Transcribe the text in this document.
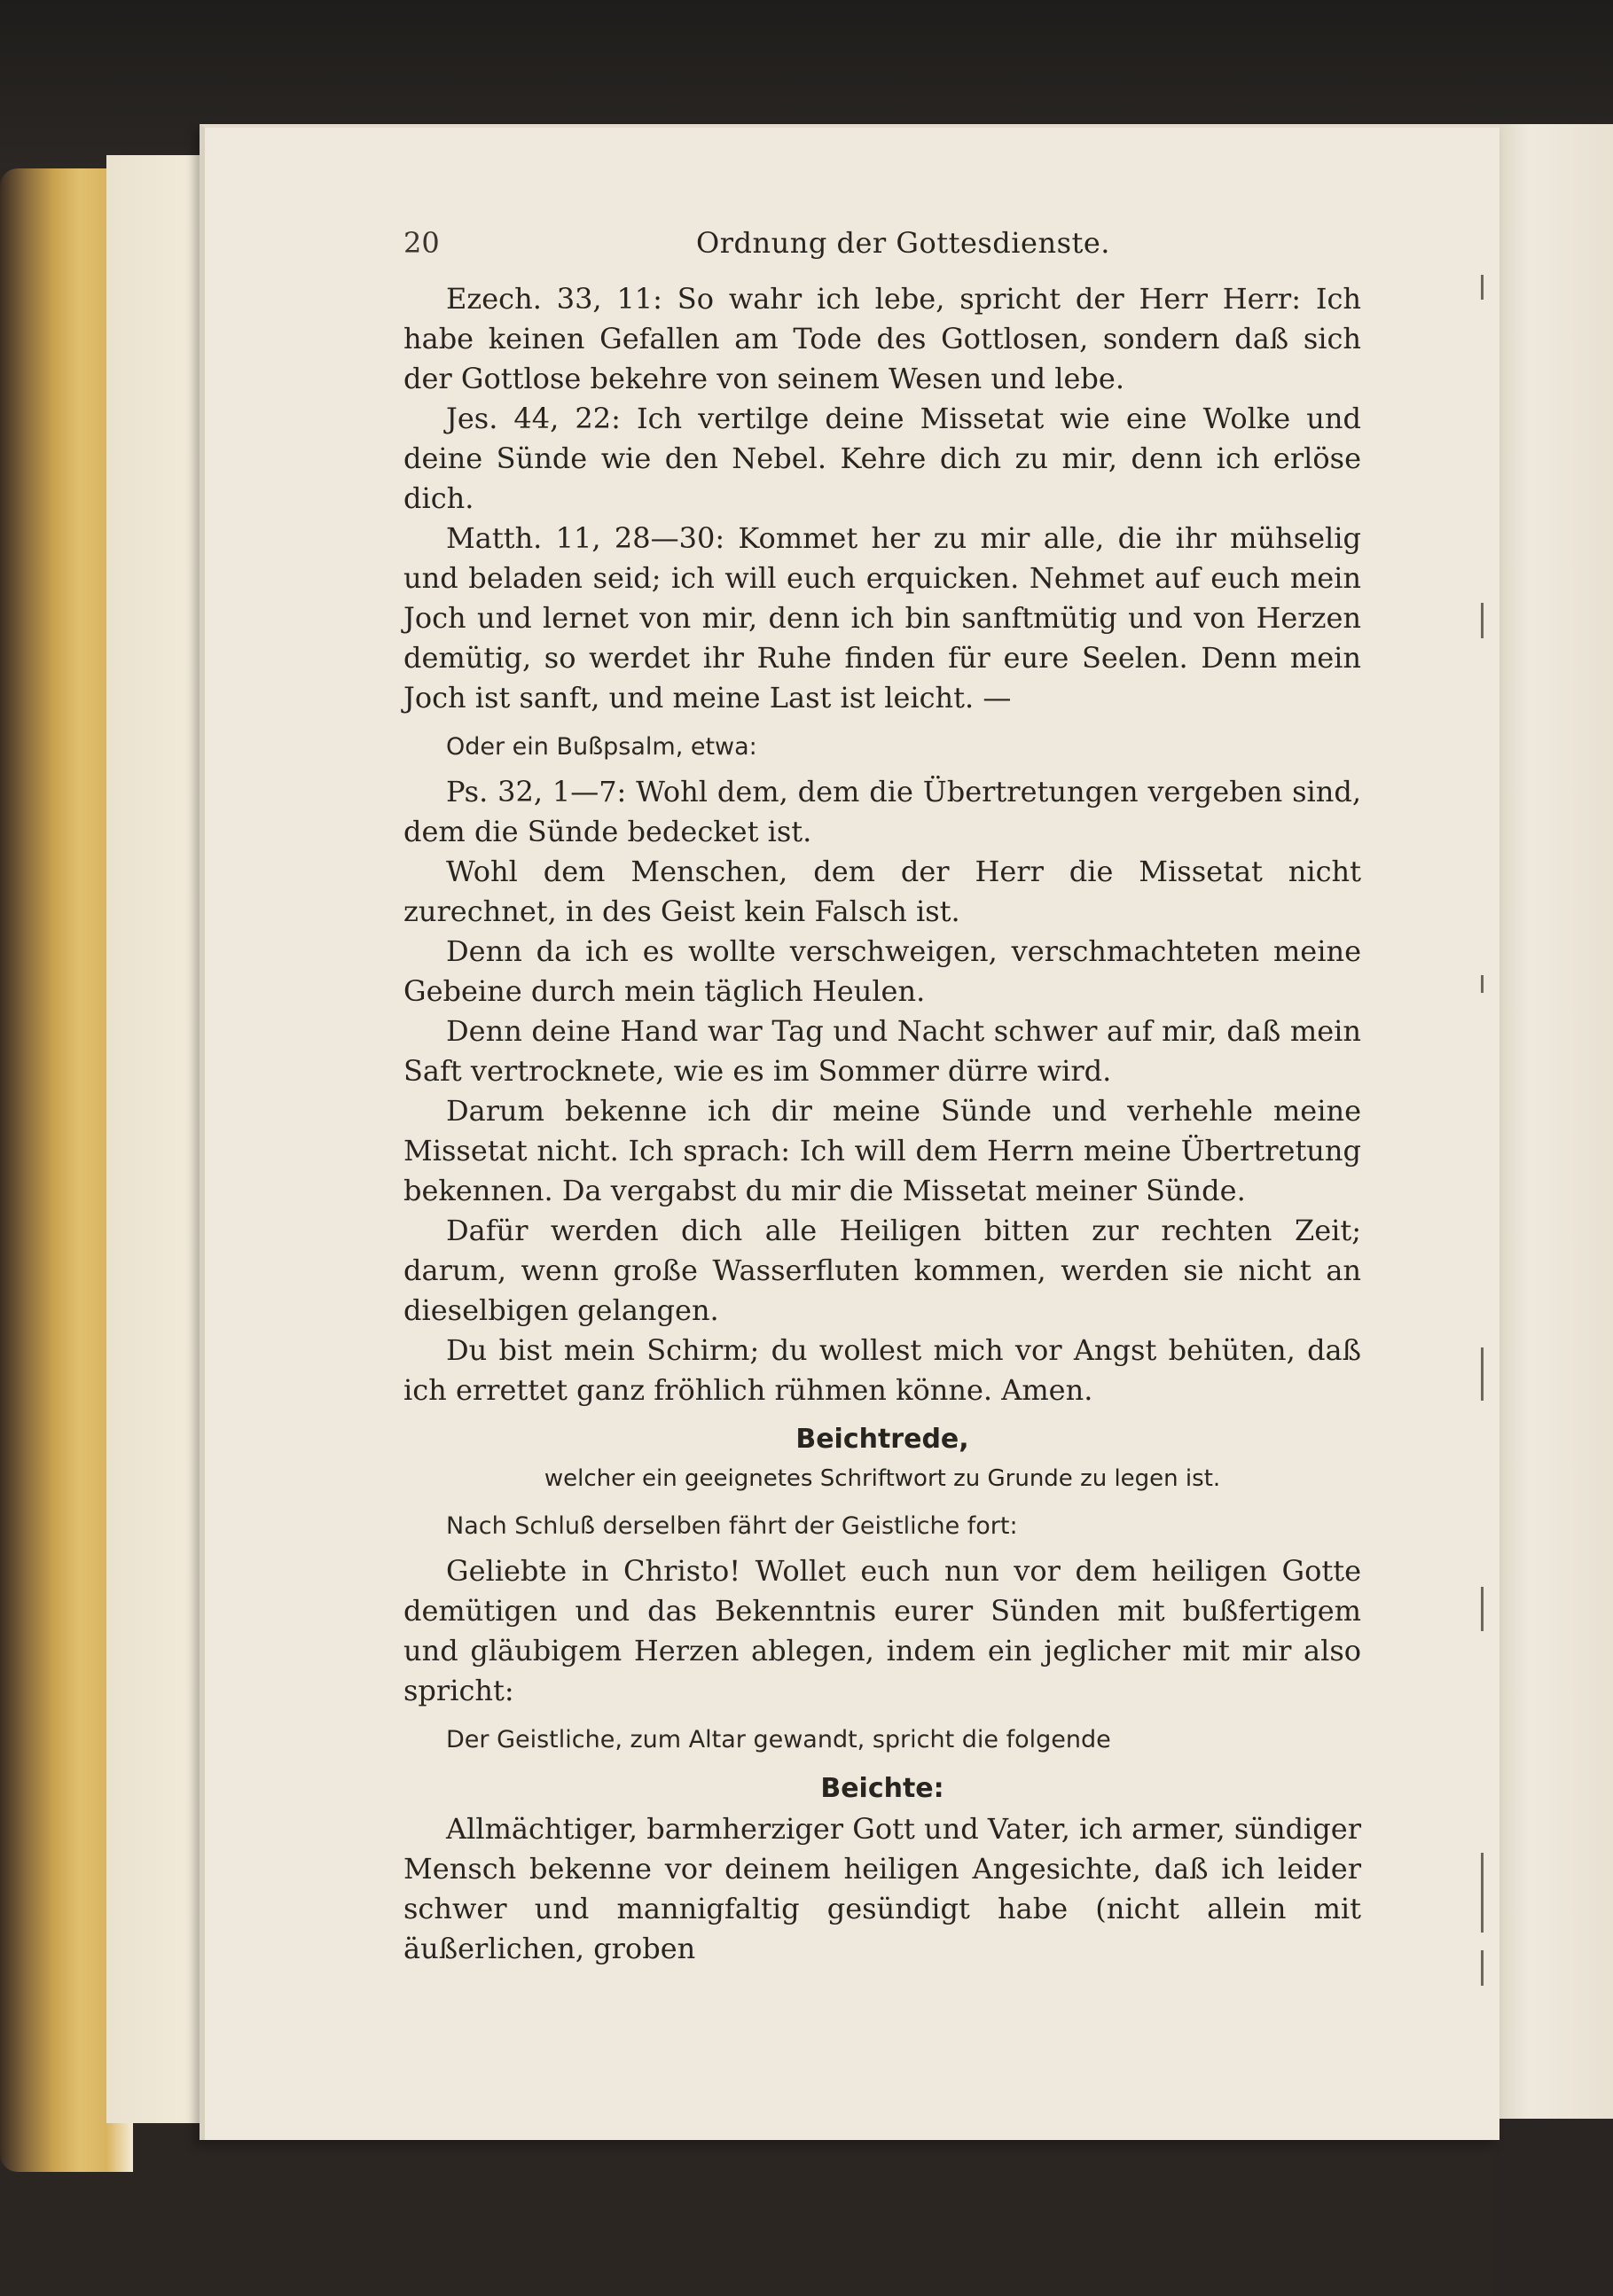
20	Ordnung der Gottesdienste.

Ezech. 33, 11: So wahr ich lebe, spricht der Herr Herr: Ich habe keinen Gefallen am Tode des Gottlosen, sondern daß sich der Gottlose bekehre von seinem Wesen und lebe.

Jes. 44, 22: Ich vertilge deine Missetat wie eine Wolke und deine Sünde wie den Nebel. Kehre dich zu mir, denn ich erlöse dich.

Matth. 11, 28—30: Kommet her zu mir alle, die ihr mühselig und beladen seid; ich will euch erquicken. Nehmet auf euch mein Joch und lernet von mir, denn ich bin sanftmütig und von Herzen demütig, so werdet ihr Ruhe finden für eure Seelen. Denn mein Joch ist sanft, und meine Last ist leicht. —

Oder ein Bußpsalm, etwa:

Ps. 32, 1—7: Wohl dem, dem die Übertretungen vergeben sind, dem die Sünde bedecket ist.

Wohl dem Menschen, dem der Herr die Missetat nicht zurechnet, in des Geist kein Falsch ist.

Denn da ich es wollte verschweigen, verschmachteten meine Gebeine durch mein täglich Heulen.

Denn deine Hand war Tag und Nacht schwer auf mir, daß mein Saft vertrocknete, wie es im Sommer dürre wird.

Darum bekenne ich dir meine Sünde und verhehle meine Missetat nicht. Ich sprach: Ich will dem Herrn meine Übertretung bekennen. Da vergabst du mir die Missetat meiner Sünde.

Dafür werden dich alle Heiligen bitten zur rechten Zeit; darum, wenn große Wasserfluten kommen, werden sie nicht an dieselbigen gelangen.

Du bist mein Schirm; du wollest mich vor Angst behüten, daß ich errettet ganz fröhlich rühmen könne. Amen.

Beichtrede,
welcher ein geeignetes Schriftwort zu Grunde zu legen ist.
Nach Schluß derselben fährt der Geistliche fort:

Geliebte in Christo! Wollet euch nun vor dem heiligen Gotte demütigen und das Bekenntnis eurer Sünden mit bußfertigem und gläubigem Herzen ablegen, indem ein jeglicher mit mir also spricht:

Der Geistliche, zum Altar gewandt, spricht die folgende
Beichte:

Allmächtiger, barmherziger Gott und Vater, ich armer, sündiger Mensch bekenne vor deinem heiligen Angesichte, daß ich leider schwer und mannigfaltig gesündigt habe (nicht allein mit äußerlichen, groben
